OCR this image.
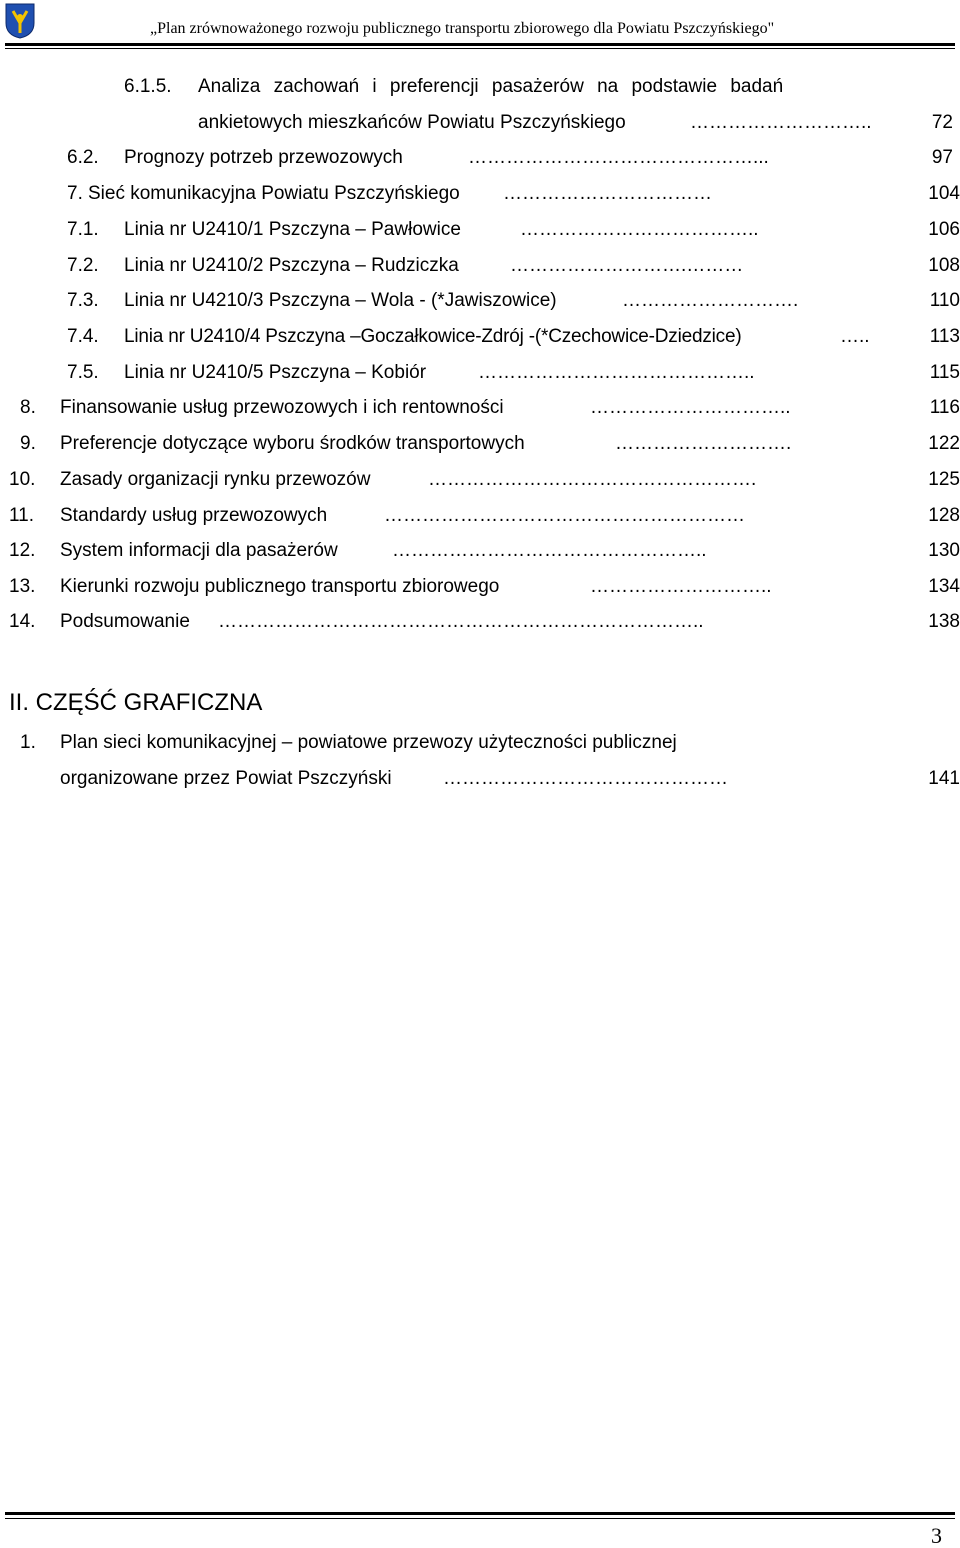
„Plan zrównoważonego rozwoju publicznego transportu zbiorowego dla Powiatu Pszczyńskiego"
6.1.5. Analiza zachowań i preferencji pasażerów na podstawie badań
ankietowych mieszkańców Powiatu Pszczyńskiego	………………………..	72
6.2. Prognozy potrzeb przewozowych	………………………………………...	97
7. Sieć komunikacyjna Powiatu Pszczyńskiego ……………………………	104
7.1. Linia nr U2410/1 Pszczyna – Pawłowice	………………………………..	106
7.2. Linia nr U2410/2 Pszczyna – Rudziczka	……………………….………	108
7.3. Linia nr U4210/3 Pszczyna – Wola - (*Jawiszowice)	……………………….	110
7.4. Linia nr U2410/4 Pszczyna –Goczałkowice-Zdrój -(*Czechowice-Dziedzice)	…..	113
7.5. Linia nr U2410/5 Pszczyna – Kobiór	……………………………………..	115
8. Finansowanie usług przewozowych i ich rentowności	…………………………..	116
9. Preferencje dotyczące wyboru środków transportowych	……………………….	122
10. Zasady organizacji rynku przewozów	…………………………………………….	125
11. Standardy usług przewozowych	…………………………………………………	128
12. System informacji dla pasażerów	…………………………………………..	130
13. Kierunki rozwoju publicznego transportu zbiorowego	………………………..	134
14. Podsumowanie …………………………………………………………………..	138
II. CZĘŚĆ GRAFICZNA
1. Plan sieci komunikacyjnej – powiatowe przewozy użyteczności publicznej
organizowane przez Powiat Pszczyński	………………………………………	141
3
